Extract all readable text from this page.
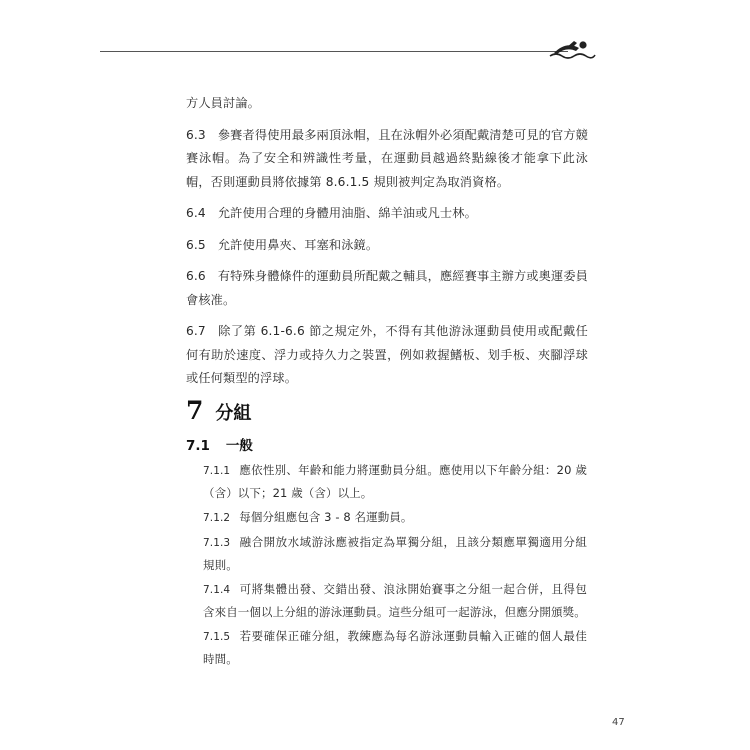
方人員討論。

6.3 參賽者得使用最多兩頂泳帽，且在泳帽外必須配戴清楚可見的官方競賽泳帽。為了安全和辨識性考量，在運動員越過終點線後才能拿下此泳帽，否則運動員將依據第 8.6.1.5 規則被判定為取消資格。

6.4 允許使用合理的身體用油脂、綿羊油或凡士林。

6.5 允許使用鼻夾、耳塞和泳鏡。

6.6 有特殊身體條件的運動員所配戴之輔具，應經賽事主辦方或奧運委員會核准。

6.7 除了第 6.1-6.6 節之規定外，不得有其他游泳運動員使用或配戴任何有助於速度、浮力或持久力之裝置，例如救握鰭板、划手板、夾腳浮球或任何類型的浮球。

7 分組
7.1 一般

7.1.1 應依性別、年齡和能力將運動員分組。應使用以下年齡分組：20 歲（含）以下；21 歲（含）以上。

7.1.2 每個分組應包含 3 - 8 名運動員。

7.1.3 融合開放水域游泳應被指定為單獨分組，且該分類應單獨適用分組規則。

7.1.4 可將集體出發、交錯出發、浪泳開始賽事之分組一起合併，且得包含來自一個以上分組的游泳運動員。這些分組可一起游泳，但應分開頒獎。

7.1.5 若要確保正確分組，教練應為每名游泳運動員輸入正確的個人最佳時間。

47
